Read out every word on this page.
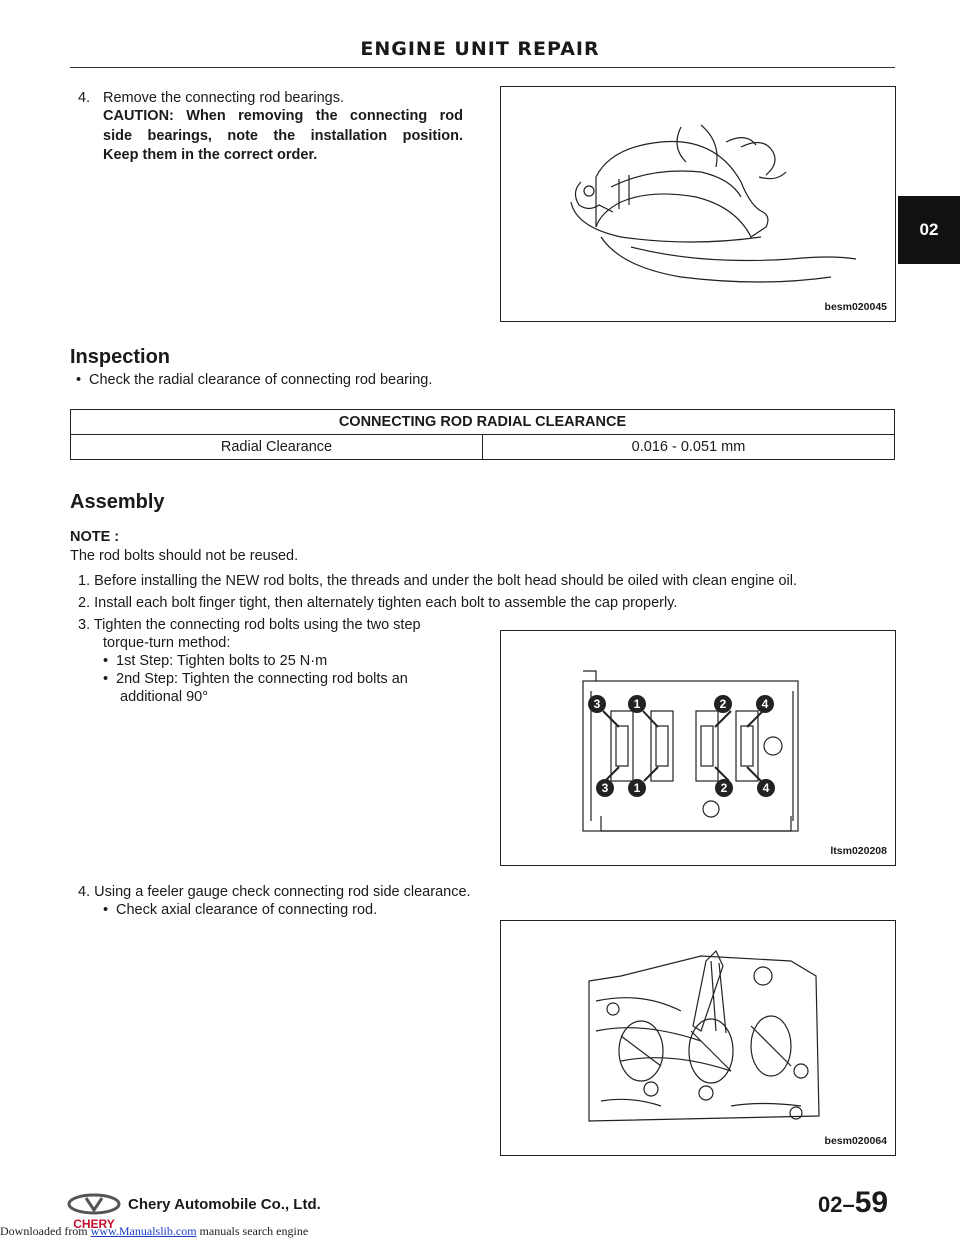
ENGINE UNIT REPAIR
02
4. Remove the connecting rod bearings.
CAUTION: When removing the connecting rod
side bearings, note the installation position.
Keep them in the correct order.
besm020045
Inspection
• Check the radial clearance of connecting rod bearing.
CONNECTING ROD RADIAL CLEARANCE
Radial Clearance	0.016 - 0.051 mm
Assembly
NOTE :
The rod bolts should not be reused.
1. Before installing the NEW rod bolts, the threads and under the bolt head should be oiled with clean engine oil.
2. Install each bolt finger tight, then alternately tighten each bolt to assemble the cap properly.
3. Tighten the connecting rod bolts using the two step
torque-turn method:
• 1st Step: Tighten bolts to 25 N·m
• 2nd Step: Tighten the connecting rod bolts an
additional 90°	3	1	2	4
3 1	2	4
ltsm020208
4. Using a feeler gauge check connecting rod side clearance.
• Check axial clearance of connecting rod.
besm020064
CHERY
Chery Automobile Co., Ltd.	02–59
Downloaded from www.Manualslib.com manuals search engine
